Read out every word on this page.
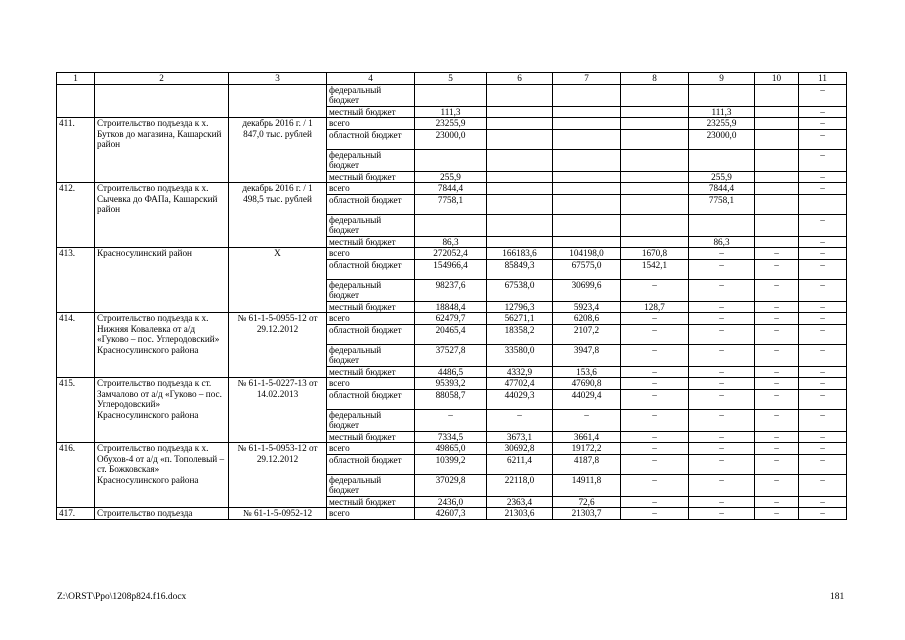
1	2	3	4	5	6	7	8	9	10	11
			федеральный бюджет							–
			местный бюджет	111,3				111,3		–
411.	Строительство подъезда к х. Бутков до магазина, Кашарский район	декабрь 2016 г. / 1 847,0 тыс. рублей	всего	23255,9				23255,9		–
			областной бюджет	23000,0				23000,0		–
			федеральный бюджет							–
			местный бюджет	255,9				255,9		–
412.	Строительство подъезда к х. Сычевка до ФАПа, Кашарский район	декабрь 2016 г. / 1 498,5 тыс. рублей	всего	7844,4				7844,4		–
			областной бюджет	7758,1				7758,1		
			федеральный бюджет							–
			местный бюджет	86,3				86,3		–
413.	Красносулинский район	Х	всего	272052,4	166183,6	104198,0	1670,8	–	–	–
			областной бюджет	154966,4	85849,3	67575,0	1542,1	–	–	–
			федеральный бюджет	98237,6	67538,0	30699,6	–	–	–	–
			местный бюджет	18848,4	12796,3	5923,4	128,7	–	–	–
414.	Строительство подъезда к х. Нижняя Ковалевка от а/д «Гуково – пос. Углеродовский» Красносулинского района	№ 61-1-5-0955-12 от 29.12.2012	всего	62479,7	56271,1	6208,6	–	–	–	–
			областной бюджет	20465,4	18358,2	2107,2	–	–	–	–
			федеральный бюджет	37527,8	33580,0	3947,8	–	–	–	–
			местный бюджет	4486,5	4332,9	153,6	–	–	–	–
415.	Строительство подъезда к ст. Замчалово от а/д «Гуково – пос. Углеродовский» Красносулинского района	№ 61-1-5-0227-13 от 14.02.2013	всего	95393,2	47702,4	47690,8	–	–	–	–
			областной бюджет	88058,7	44029,3	44029,4	–	–	–	–
			федеральный бюджет	–	–	–	–	–	–	–
			местный бюджет	7334,5	3673,1	3661,4	–	–	–	–
416.	Строительство подъезда к х. Обухов-4 от а/д «п. Тополевый – ст. Божковская» Красносулинского района	№ 61-1-5-0953-12 от 29.12.2012	всего	49865,0	30692,8	19172,2	–	–	–	–
			областной бюджет	10399,2	6211,4	4187,8	–	–	–	–
			федеральный бюджет	37029,8	22118,0	14911,8	–	–	–	–
			местный бюджет	2436,0	2363,4	72,6	–	–	–	–
417.	Строительство подъезда	№ 61-1-5-0952-12	всего	42607,3	21303,6	21303,7	–	–	–	–
Z:\ORST\Ppo\1208p824.f16.docx	181
